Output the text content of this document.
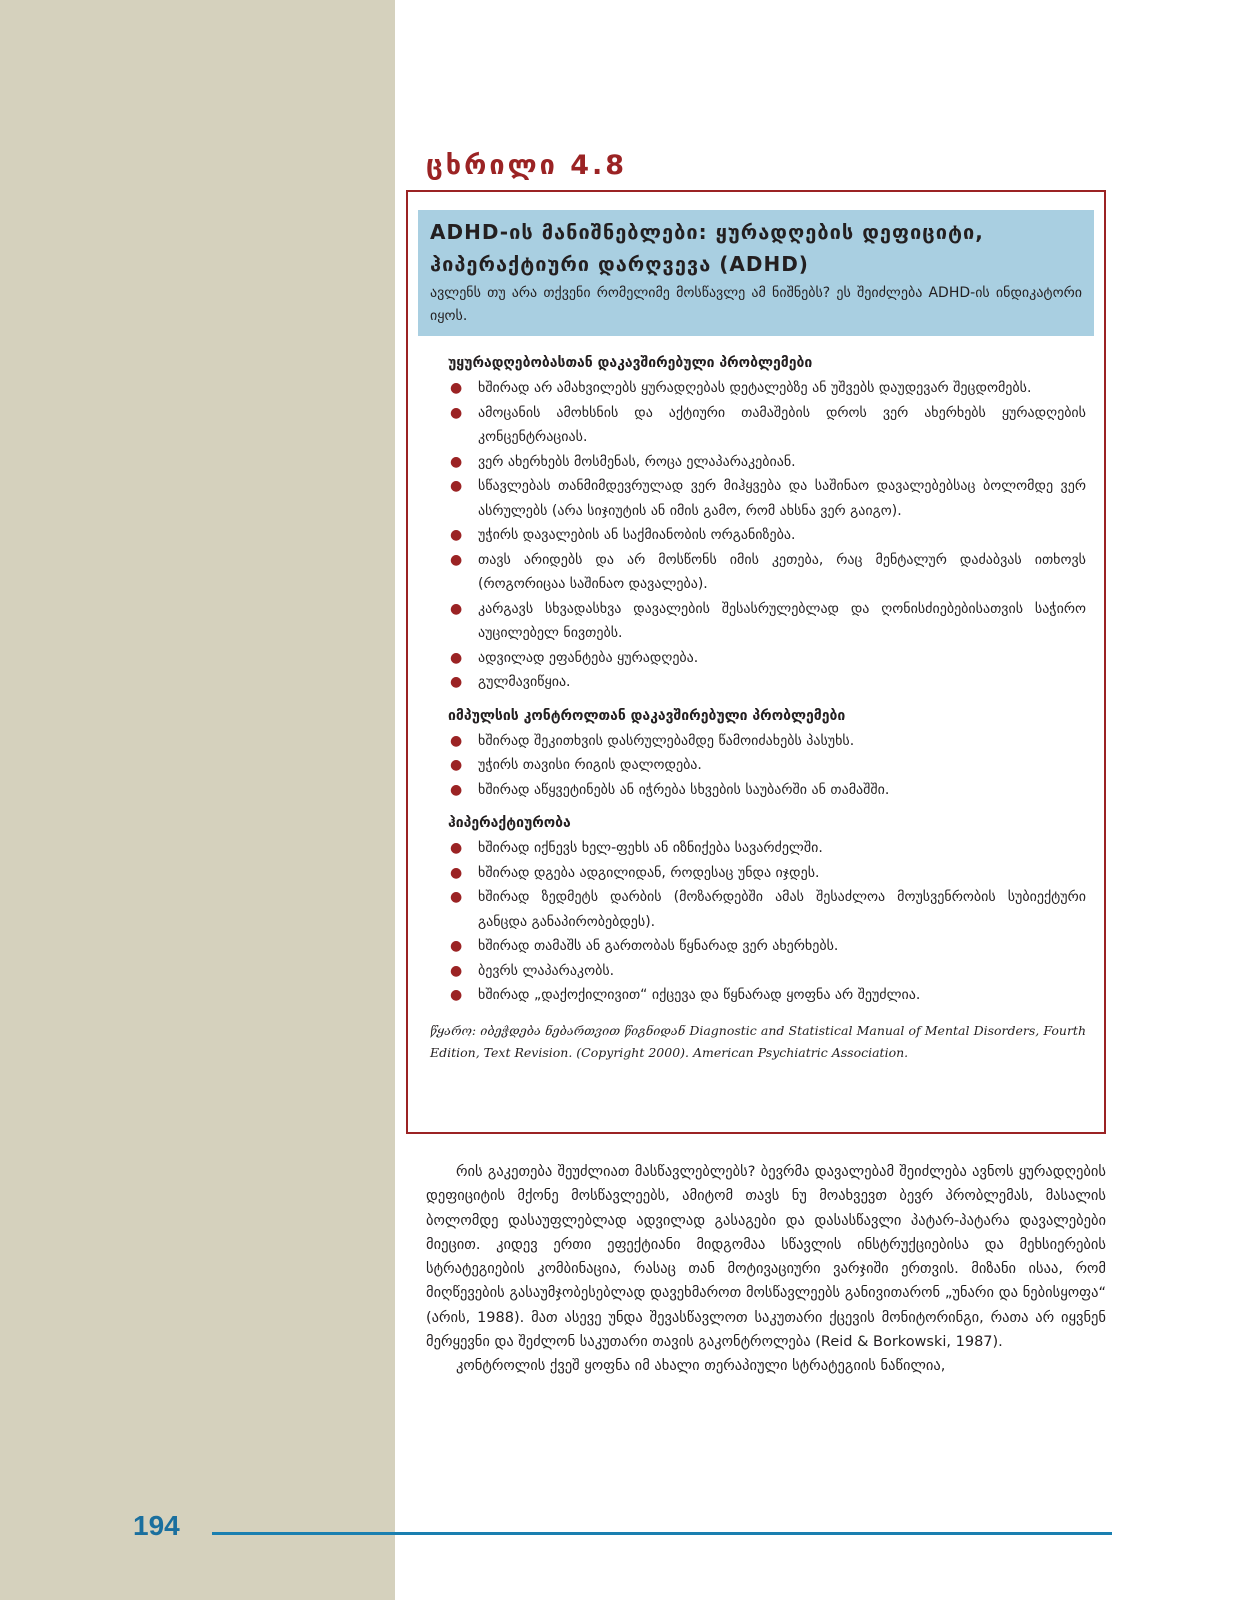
ცხრილი 4.8
ADHD-ის მანიშნებლები: ყურადღების დეფიციტი, ჰიპერაქტიური დარღვევა (ADHD)
ავლენს თუ არა თქვენი რომელიმე მოსწავლე ამ ნიშნებს? ეს შეიძლება ADHD-ის ინდიკატორი იყოს.
უყურადღებობასთან დაკავშირებული პრობლემები
● ხშირად არ ამახვილებს ყურადღებას დეტალებზე ან უშვებს დაუდევარ შეცდომებს.
● ამოცანის ამოხსნის და აქტიური თამაშების დროს ვერ ახერხებს ყურადღების კონცენტრაციას.
● ვერ ახერხებს მოსმენას, როცა ელაპარაკებიან.
● სწავლებას თანმიმდევრულად ვერ მიჰყვება და საშინაო დავალებებსაც ბოლომდე ვერ ასრულებს (არა სიჯიუტის ან იმის გამო, რომ ახსნა ვერ გაიგო).
● უჭირს დავალების ან საქმიანობის ორგანიზება.
● თავს არიდებს და არ მოსწონს იმის კეთება, რაც მენტალურ დაძაბვას ითხოვს (როგორიცაა საშინაო დავალება).
● კარგავს სხვადასხვა დავალების შესასრულებლად და ღონისძიებებისათვის საჭირო აუცილებელ ნივთებს.
● ადვილად ეფანტება ყურადღება.
● გულმავიწყია.
იმპულსის კონტროლთან დაკავშირებული პრობლემები
● ხშირად შეკითხვის დასრულებამდე წამოიძახებს პასუხს.
● უჭირს თავისი რიგის დალოდება.
● ხშირად აწყვეტინებს ან იჭრება სხვების საუბარში ან თამაშში.
ჰიპერაქტიურობა
● ხშირად იქნევს ხელ-ფეხს ან იზნიქება სავარძელში.
● ხშირად დგება ადგილიდან, როდესაც უნდა იჯდეს.
● ხშირად ზედმეტს დარბის (მოზარდებში ამას შესაძლოა მოუსვენრობის სუბიექტური განცდა განაპირობებდეს).
● ხშირად თამაშს ან გართობას წყნარად ვერ ახერხებს.
● ბევრს ლაპარაკობს.
● ხშირად „დაქოქილივით“ იქცევა და წყნარად ყოფნა არ შეუძლია.
წყარო: იბეჭდება ნებართვით წიგნიდან Diagnostic and Statistical Manual of Mental Disorders, Fourth Edition, Text Revision. (Copyright 2000). American Psychiatric Association.

რის გაკეთება შეუძლიათ მასწავლებლებს? ბევრმა დავალებამ შეიძლება ავნოს ყურადღების დეფიციტის მქონე მოსწავლეებს, ამიტომ თავს ნუ მოახვევთ ბევრ პრობლემას, მასალის ბოლომდე დასაუფლებლად ადვილად გასაგები და დასასწავლი პატარ-პატარა დავალებები მიეცით. კიდევ ერთი ეფექტიანი მიდგომაა სწავლის ინსტრუქციებისა და მეხსიერების სტრატეგიების კომბინაცია, რასაც თან მოტივაციური ვარჯიში ერთვის. მიზანი ისაა, რომ მიღწევების გასაუმჯობესებლად დავეხმაროთ მოსწავლეებს განივითარონ „უნარი და ნებისყოფა“ (არის, 1988). მათ ასევე უნდა შევასწავლოთ საკუთარი ქცევის მონიტორინგი, რათა არ იყვნენ მერყევნი და შეძლონ საკუთარი თავის გაკონტროლება (Reid & Borkowski, 1987).

კონტროლის ქვეშ ყოფნა იმ ახალი თერაპიული სტრატეგიის ნაწილია,

194
